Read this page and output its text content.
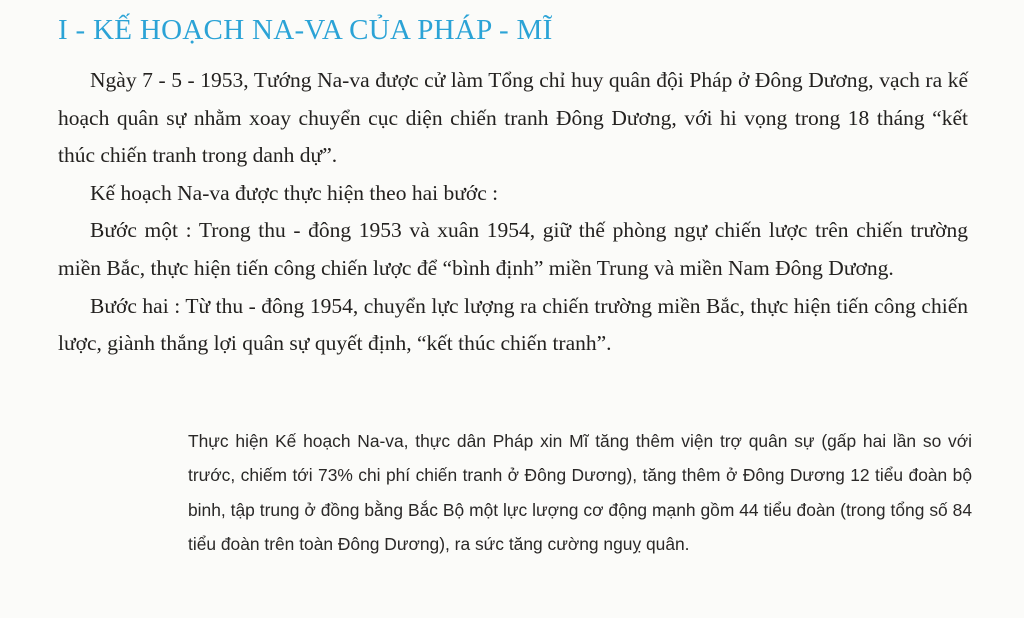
I - KẾ HOẠCH NA-VA CỦA PHÁP - MĨ

Ngày 7 - 5 - 1953, Tướng Na-va được cử làm Tổng chỉ huy quân đội Pháp ở Đông Dương, vạch ra kế hoạch quân sự nhằm xoay chuyển cục diện chiến tranh Đông Dương, với hi vọng trong 18 tháng “kết thúc chiến tranh trong danh dự”.

Kế hoạch Na-va được thực hiện theo hai bước :

Bước một : Trong thu - đông 1953 và xuân 1954, giữ thế phòng ngự chiến lược trên chiến trường miền Bắc, thực hiện tiến công chiến lược để “bình định” miền Trung và miền Nam Đông Dương.

Bước hai : Từ thu - đông 1954, chuyển lực lượng ra chiến trường miền Bắc, thực hiện tiến công chiến lược, giành thắng lợi quân sự quyết định, “kết thúc chiến tranh”.

Thực hiện Kế hoạch Na-va, thực dân Pháp xin Mĩ tăng thêm viện trợ quân sự (gấp hai lần so với trước, chiếm tới 73% chi phí chiến tranh ở Đông Dương), tăng thêm ở Đông Dương 12 tiểu đoàn bộ binh, tập trung ở đồng bằng Bắc Bộ một lực lượng cơ động mạnh gồm 44 tiểu đoàn (trong tổng số 84 tiểu đoàn trên toàn Đông Dương), ra sức tăng cường nguỵ quân.
